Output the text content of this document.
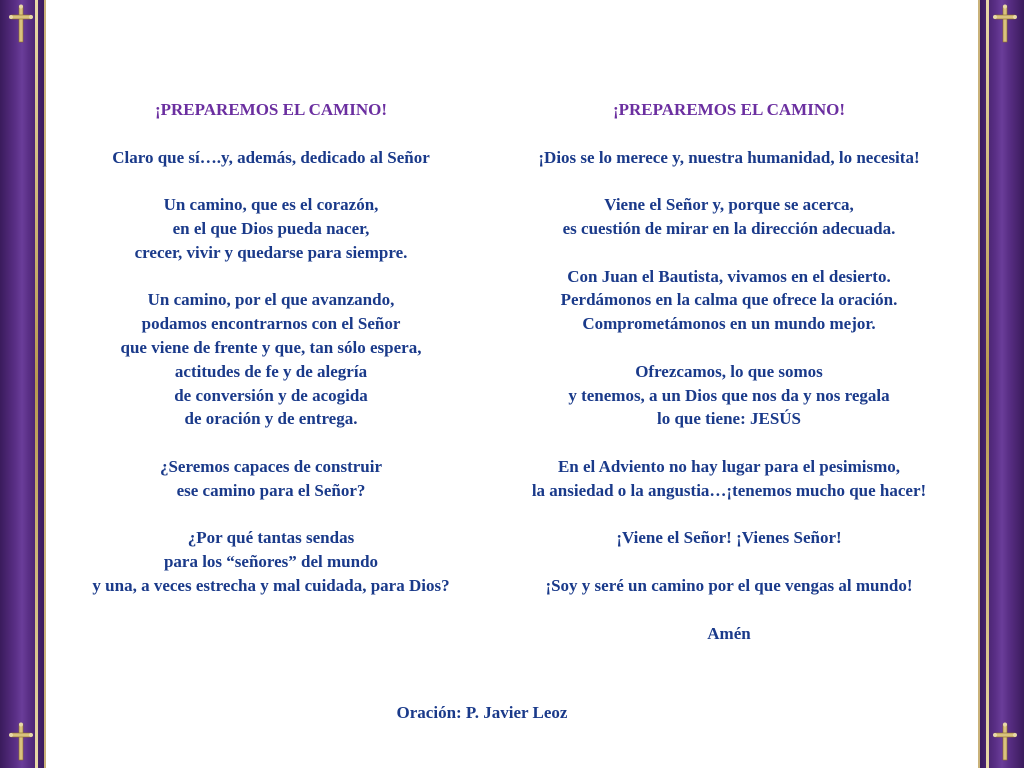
¡PREPAREMOS EL CAMINO!
Claro que sí….y, además, dedicado al Señor
Un camino, que es el corazón,
en el que Dios pueda nacer,
crecer, vivir y quedarse para siempre.
Un camino, por el que avanzando,
podamos encontrarnos con el Señor
que viene de frente y que, tan sólo espera,
actitudes de fe y de alegría
de conversión y de acogida
de oración y de entrega.
¿Seremos capaces de construir
ese camino para el Señor?
¿Por qué tantas sendas
para los “señores” del mundo
y una, a veces estrecha y mal cuidada, para Dios?
¡PREPAREMOS EL CAMINO!
¡Dios se lo merece y, nuestra humanidad, lo necesita!
Viene el Señor y, porque se acerca,
es cuestión de mirar en la dirección adecuada.
Con Juan el Bautista, vivamos en el desierto.
Perdámonos en la calma que ofrece la oración.
Comprometámonos en un mundo mejor.
Ofrezcamos, lo que somos
y tenemos, a un Dios que nos da y nos regala
lo que tiene: JESÚS
En el Adviento no hay lugar para el pesimismo,
la ansiedad o la angustia…¡tenemos mucho que hacer!
¡Viene el Señor! ¡Vienes Señor!
¡Soy y seré un camino por el que vengas al mundo!
Amén
Oración: P. Javier Leoz
